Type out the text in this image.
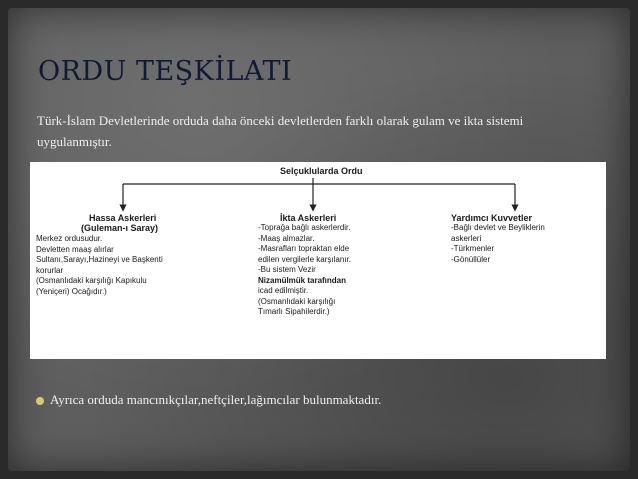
ORDU TEŞKİLATI
Türk-İslam Devletlerinde orduda daha önceki devletlerden farklı olarak gulam ve ikta sistemi uygulanmıştır.
Selçuklularda Ordu

Hassa Askerleri

(Guleman-ı Saray)

Merkez ordusudur.

Devletten maaş alırlar

Sultanı,Sarayı,Hazineyi ve Başkenti

korurlar

(Osmanlıdaki karşılığı Kapıkulu

(Yeniçeri) Ocağıdır.)

İkta Askerleri

-Toprağa bağlı askerlerdir.

-Maaş almazlar.

-Masrafları topraktan elde

edilen vergilerle karşılanır.

-Bu sistem Vezir

Nizamülmük tarafından

icad edilmiştir.

(Osmanlıdaki karşılığı

Tımarlı Sipahilerdir.)

Yardımcı Kuvvetler

-Bağlı devlet ve Beyliklerin

askerleri

-Türkmenler

-Gönüllüler

Ayrıca orduda mancınıkçılar,neftçiler,lağımcılar bulunmaktadır.
